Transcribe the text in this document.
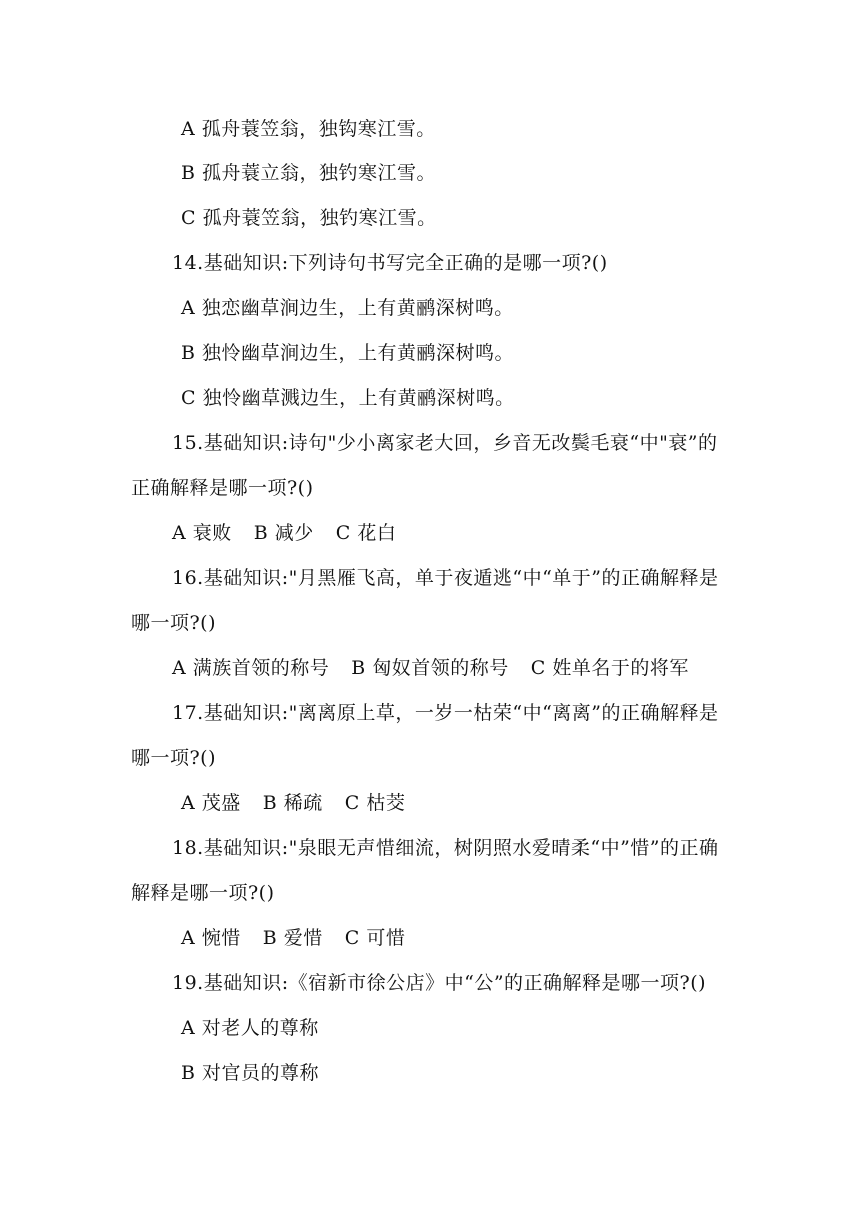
A 孤舟蓑笠翁，独钩寒江雪。
B 孤舟蓑立翁，独钓寒江雪。
C 孤舟蓑笠翁，独钓寒江雪。
14.基础知识:下列诗句书写完全正确的是哪一项?()
A 独恋幽草涧边生，上有黄鹂深树鸣。
B 独怜幽草涧边生，上有黄鹂深树鸣。
C 独怜幽草溅边生，上有黄鹂深树鸣。
15.基础知识:诗句"少小离家老大回，乡音无改鬓毛衰“中"衰”的
正确解释是哪一项?()
A 衰败 B 减少 C 花白
16.基础知识:"月黑雁飞高，单于夜遁逃“中“单于”的正确解释是
哪一项?()
A 满族首领的称号 B 匈奴首领的称号 C 姓单名于的将军
17.基础知识:"离离原上草，一岁一枯荣“中“离离”的正确解释是
哪一项?()
A 茂盛 B 稀疏 C 枯茭
18.基础知识:"泉眼无声惜细流，树阴照水爱晴柔“中”惜”的正确
解释是哪一项?()
A 惋惜 B 爱惜 C 可惜
19.基础知识:《宿新市徐公店》中“公”的正确解释是哪一项?()
A 对老人的尊称
B 对官员的尊称
